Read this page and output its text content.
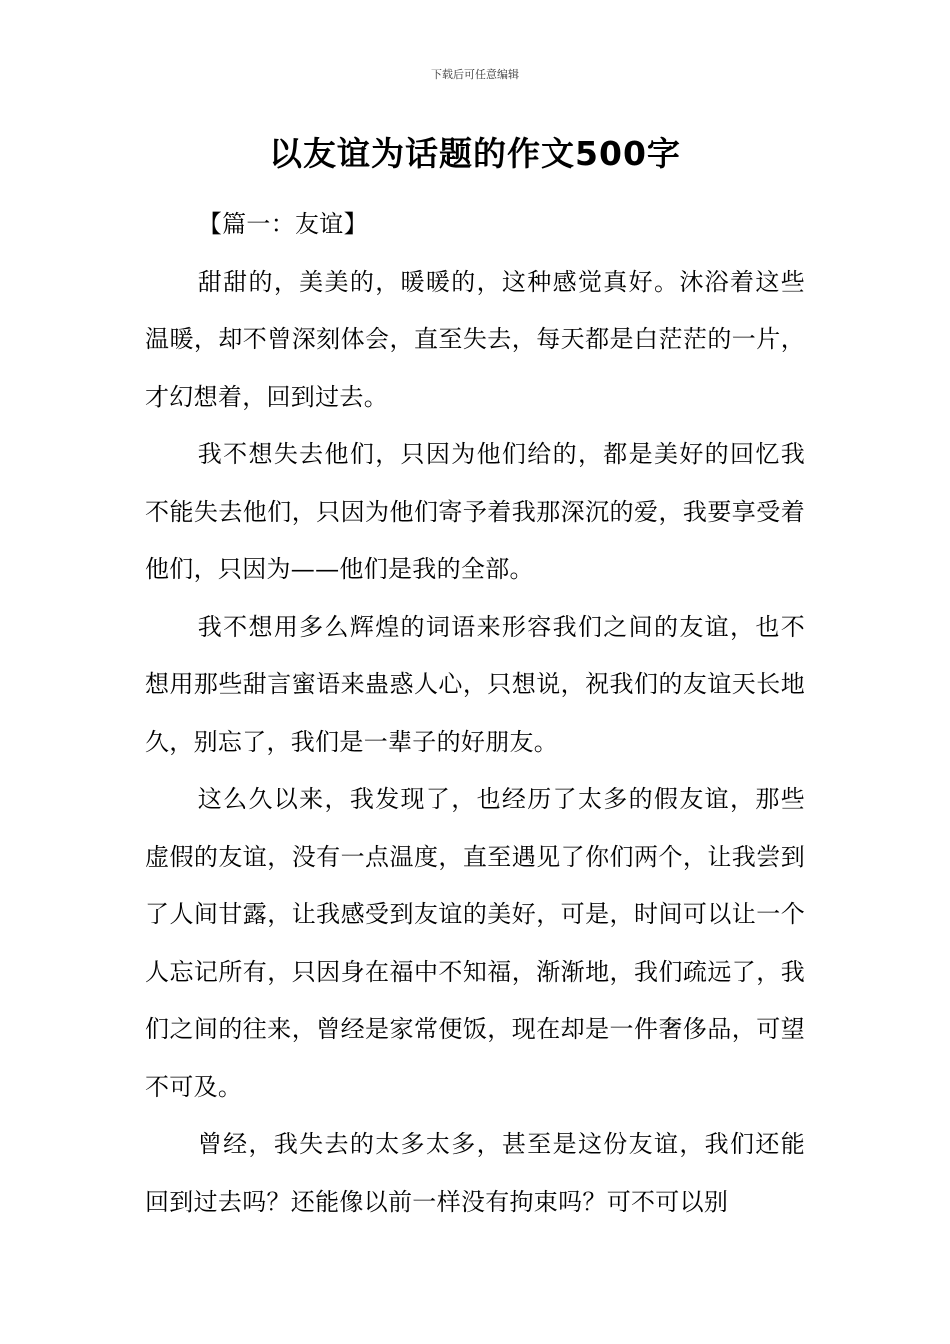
下载后可任意编辑
以友谊为话题的作文500字

【篇一：友谊】

甜甜的，美美的，暖暖的，这种感觉真好。沐浴着这些温暖，却不曾深刻体会，直至失去，每天都是白茫茫的一片，才幻想着，回到过去。

我不想失去他们，只因为他们给的，都是美好的回忆我不能失去他们，只因为他们寄予着我那深沉的爱，我要享受着他们，只因为——他们是我的全部。

我不想用多么辉煌的词语来形容我们之间的友谊，也不想用那些甜言蜜语来蛊惑人心，只想说，祝我们的友谊天长地久，别忘了，我们是一辈子的好朋友。

这么久以来，我发现了，也经历了太多的假友谊，那些虚假的友谊，没有一点温度，直至遇见了你们两个，让我尝到了人间甘露，让我感受到友谊的美好，可是，时间可以让一个人忘记所有，只因身在福中不知福，渐渐地，我们疏远了，我们之间的往来，曾经是家常便饭，现在却是一件奢侈品，可望不可及。

曾经，我失去的太多太多，甚至是这份友谊，我们还能回到过去吗？还能像以前一样没有拘束吗？可不可以别
